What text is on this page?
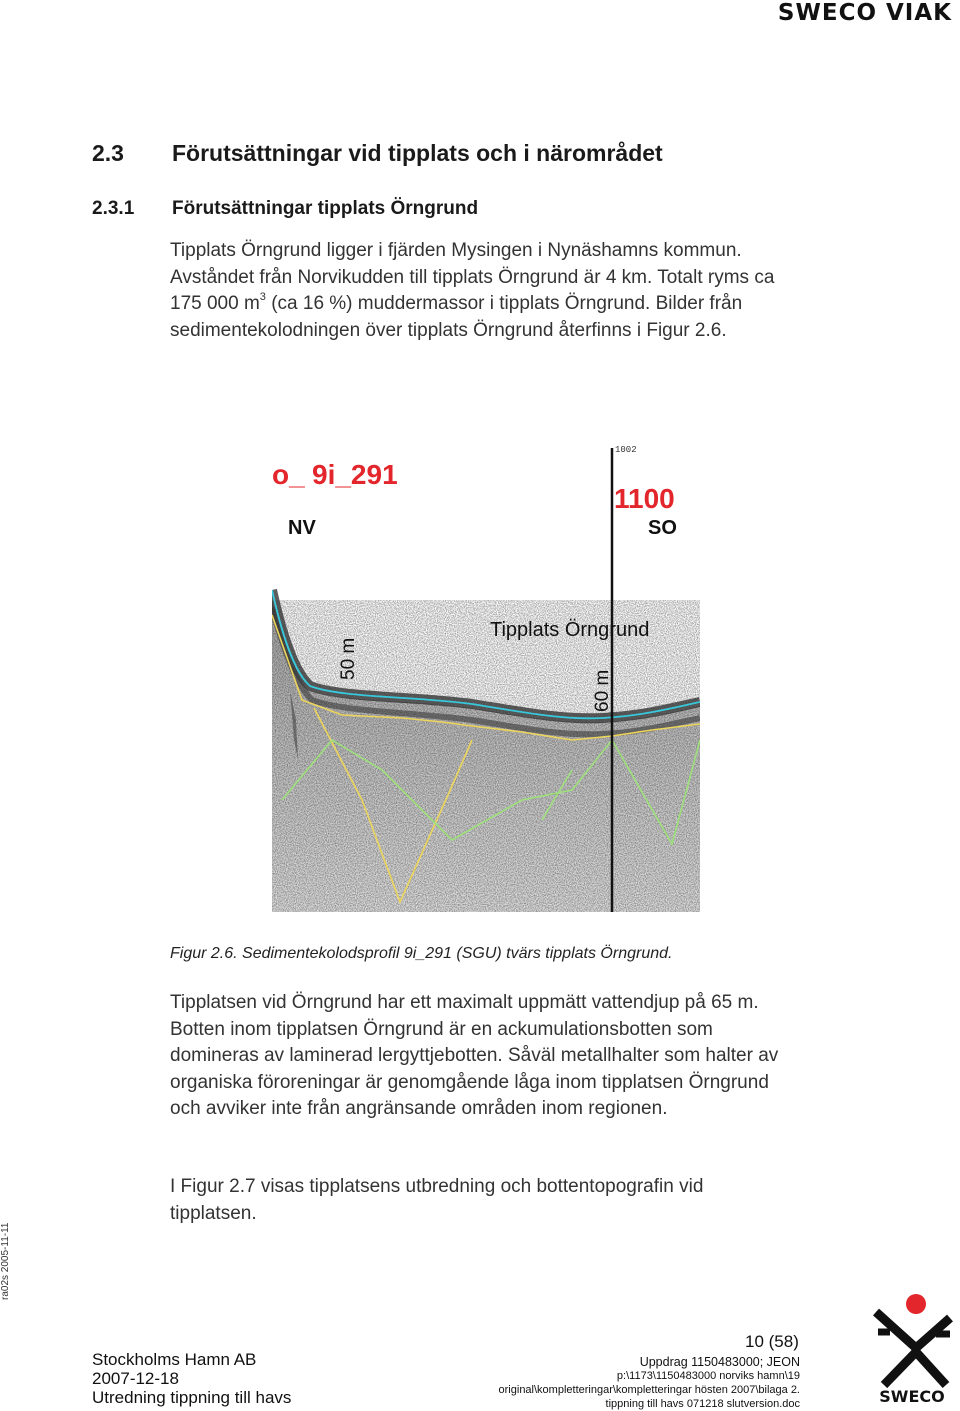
SWECO VIAK
2.3 Förutsättningar vid tipplats och i närområdet
2.3.1 Förutsättningar tipplats Örngrund

Tipplats Örngrund ligger i fjärden Mysingen i Nynäshamns kommun. Avståndet från Norvikudden till tipplats Örngrund är 4 km. Totalt ryms ca 175 000 $m^3$ (ca 16 %) muddermassor i tipplats Örngrund. Bilder från sedimentekolodningen över tipplats Örngrund återfinns i Figur 2.6.

1002
o_ 9i_291
1100
NV	SO
Tipplats Örngrund
50 m
60 m
Figur 2.6. Sedimentekolodsprofil 9i_291 (SGU) tvärs tipplats Örngrund.

Tipplatsen vid Örngrund har ett maximalt uppmätt vattendjup på 65 m. Botten inom tipplatsen Örngrund är en ackumulationsbotten som domineras av laminerad lergyttjebotten. Såväl metallhalter som halter av organiska föroreningar är genomgående låga inom tipplatsen Örngrund och avviker inte från angränsande områden inom regionen.

I Figur 2.7 visas tipplatsens utbredning och bottentopografin vid tipplatsen.

ra02s 2005-11-11
10 (58)
Stockholms Hamn AB
2007-12-18
Utredning tippning till havs
Uppdrag 1150483000; JEON
p:\1173\1150483000 norviks hamn\19
original\kompletteringar\kompletteringar hösten 2007\bilaga 2.
tippning till havs 071218 slutversion.doc	SWECO
